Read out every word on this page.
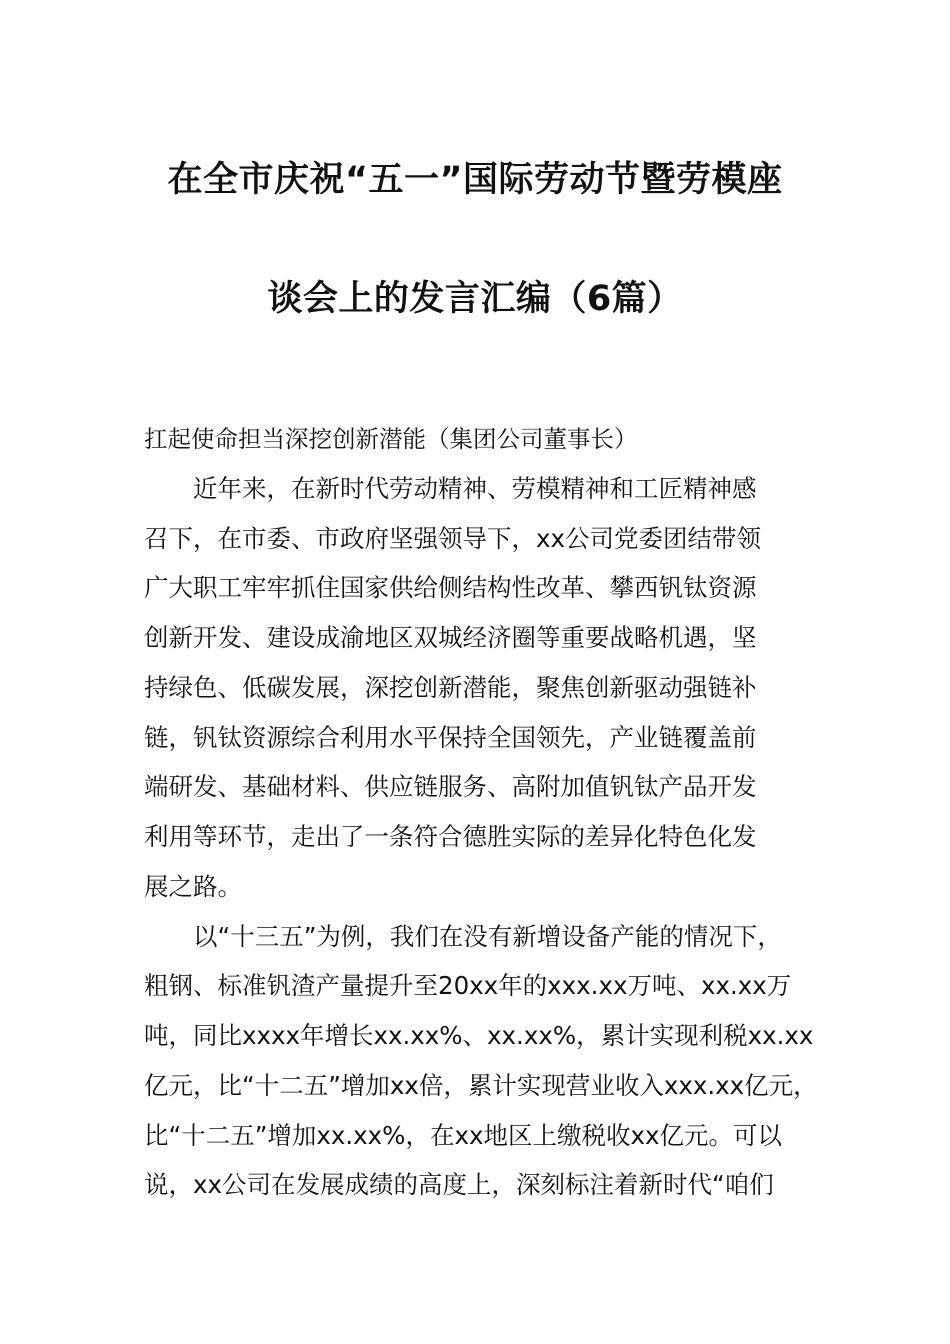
在全市庆祝“五一”国际劳动节暨劳模座
谈会上的发言汇编（6篇）
扛起使命担当深挖创新潜能（集团公司董事长）
近年来，在新时代劳动精神、劳模精神和工匠精神感
召下，在市委、市政府坚强领导下，xx公司党委团结带领
广大职工牢牢抓住国家供给侧结构性改革、攀西钒钛资源
创新开发、建设成渝地区双城经济圈等重要战略机遇，坚
持绿色、低碳发展，深挖创新潜能，聚焦创新驱动强链补
链，钒钛资源综合利用水平保持全国领先，产业链覆盖前
端研发、基础材料、供应链服务、高附加值钒钛产品开发
利用等环节，走出了一条符合德胜实际的差异化特色化发
展之路。
以“十三五”为例，我们在没有新增设备产能的情况下，
粗钢、标准钒渣产量提升至20xx年的xxx.xx万吨、xx.xx万
吨，同比xxxx年增长xx.xx%、xx.xx%，累计实现利税xx.xx
亿元，比“十二五”增加xx倍，累计实现营业收入xxx.xx亿元，
比“十二五”增加xx.xx%，在xx地区上缴税收xx亿元。可以
说，xx公司在发展成绩的高度上，深刻标注着新时代“咱们
